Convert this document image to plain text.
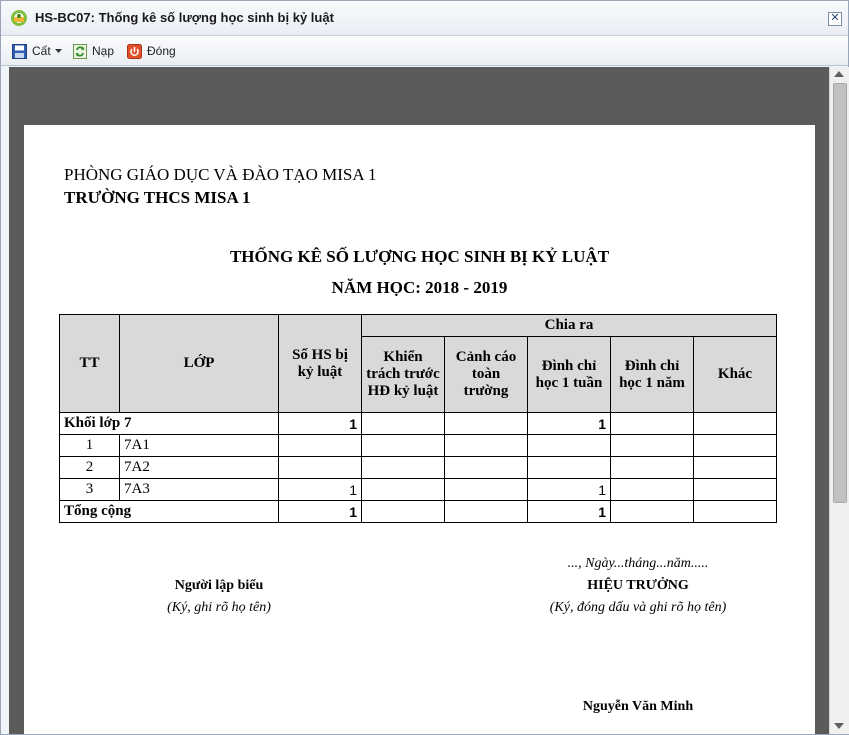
HS-BC07: Thống kê số lượng học sinh bị kỷ luật	✕
Cất	Nạp	Đóng
PHÒNG GIÁO DỤC VÀ ĐÀO TẠO MISA 1
TRƯỜNG THCS MISA 1
THỐNG KÊ SỐ LƯỢNG HỌC SINH BỊ KỶ LUẬT
NĂM HỌC: 2018 - 2019
TT	LỚP	Số HS bị kỷ luật	Chia ra				
			Khiển trách trước HĐ kỷ luật	Cảnh cáo toàn trường	Đình chỉ học 1 tuần	Đình chỉ học 1 năm	Khác
Khối lớp 7		1			1		
1	7A1						
2	7A2						
3	7A3	1			1		
Tổng cộng		1			1		
..., Ngày...tháng...năm.....
Người lập biểu
(Ký, ghi rõ họ tên)
HIỆU TRƯỞNG
(Ký, đóng dấu và ghi rõ họ tên)
Nguyễn Văn Minh
